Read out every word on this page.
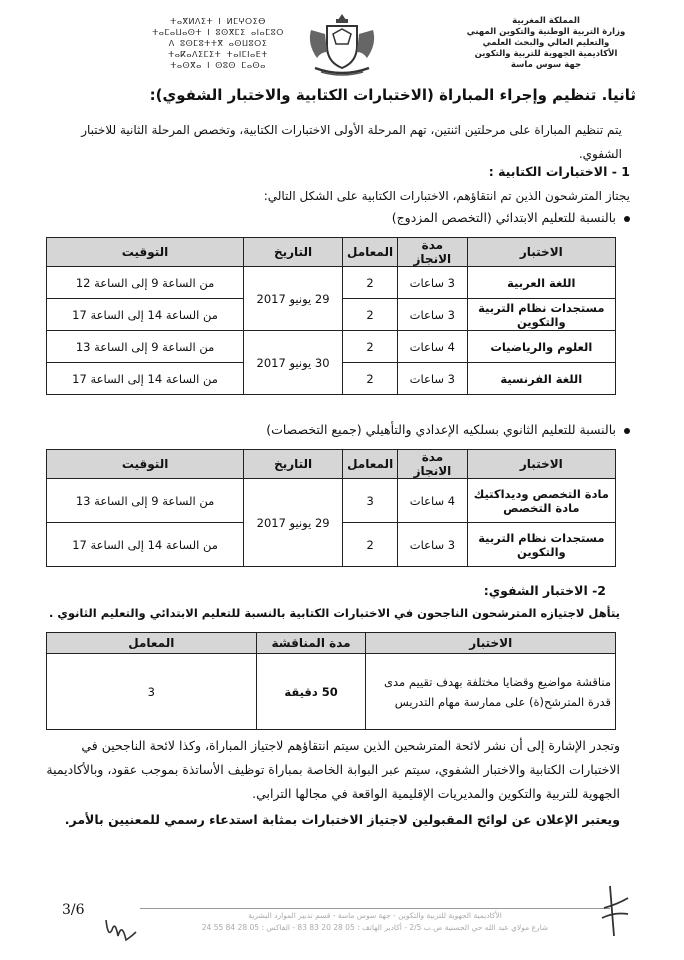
ⵜⴰⴳⵍⴷⵉⵜ ⵏ ⵍⵎⵖⵔⵉⴱ
ⵜⴰⵎⴰⵡⴰⵙⵜ ⵏ ⵓⵙⴳⵎⵉ ⴰⵏⴰⵎⵓⵔ
ⴷ ⵓⵙⵎⵓⵜⵜⴳ ⴰⵙⵡⵓⵔⵉ
ⵜⴰⴽⴰⴷⵉⵎⵉⵜ ⵜⴰⵏⵎⵏⴰⴹⵜ
ⵜⴰⵙⴳⴰ ⵏ ⵙⵓⵙ ⵎⴰⵙⴰ
المملكة المغربية
وزارة التربية الوطنية والتكوين المهني
والتعليم العالي والبحث العلمي
الأكاديمية الجهوية للتربية والتكوين
جهة سوس ماسة
ثانيا. تنظيم وإجراء المباراة (الاختبارات الكتابية والاختبار الشفوي):
يتم تنظيم المباراة على مرحلتين اثنتين، تهم المرحلة الأولى الاختبارات الكتابية، وتخصص المرحلة الثانية للاختبار الشفوي.
1 - الاختبارات الكتابية :
يجتاز المترشحون الذين تم انتقاؤهم، الاختبارات الكتابية على الشكل التالي:
بالنسبة للتعليم الابتدائي (التخصص المزدوج)
الاختبار	مدة الانجاز	المعامل	التاريخ	التوقيت
اللغة العربية	3 ساعات	2	29 يونيو 2017	من الساعة 9 إلى الساعة 12
مستجدات نظام التربية والتكوين	3 ساعات	2		من الساعة 14 إلى الساعة 17
العلوم والرياضيات	4 ساعات	2	30 يونيو 2017	من الساعة 9 إلى الساعة 13
اللغة الفرنسية	3 ساعات	2		من الساعة 14 إلى الساعة 17
بالنسبة للتعليم الثانوي بسلكيه الإعدادي والتأهيلي (جميع التخصصات)
الاختبار	مدة الانجاز	المعامل	التاريخ	التوقيت
مادة التخصص وديداكتيك مادة التخصص	4 ساعات	3	29 يونيو 2017	من الساعة 9 إلى الساعة 13
مستجدات نظام التربية والتكوين	3 ساعات	2		من الساعة 14 إلى الساعة 17
2- الاختبار الشفوي:
يتأهل لاجتيازه المترشحون الناجحون في الاختبارات الكتابية بالنسبة للتعليم الابتدائي والتعليم الثانوي .
الاختبار	مدة المناقشة	المعامل
مناقشة مواضيع وقضايا مختلفة بهدف تقييم مدى قدرة المترشح(ة) على ممارسة مهام التدريس	50 دقيقة	3
وتجدر الإشارة إلى أن نشر لائحة المترشحين الذين سيتم انتقاؤهم لاجتياز المباراة، وكذا لائحة الناجحين في الاختبارات الكتابية والاختبار الشفوي، سيتم عبر البوابة الخاصة بمباراة توظيف الأساتذة بموجب عقود، وبالأكاديمية الجهوية للتربية والتكوين والمديريات الإقليمية الواقعة في مجالها الترابي.
ويعتبر الإعلان عن لوائح المقبولين لاجتياز الاختبارات بمثابة استدعاء رسمي للمعنيين بالأمر.
الأكاديمية الجهوية للتربية والتكوين - جهة سوس ماسة - قسم تدبير الموارد البشرية
شارع مولاي عبد الله حي الحسنية ص.ب 2/5 - أكادير الهاتف : 05 28 20 83 83 - الفاكس : 05 28 84 55 24
3/6
